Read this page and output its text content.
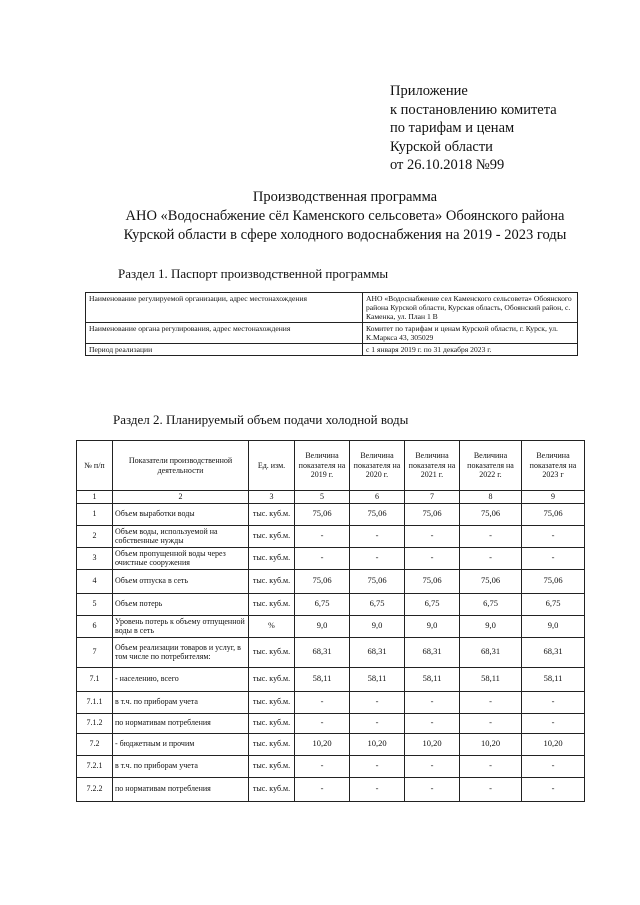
Приложение
к постановлению комитета
по тарифам и ценам
Курской области
от 26.10.2018 №99
Производственная программа
АНО «Водоснабжение сёл Каменского сельсовета» Обоянского района
Курской области в сфере холодного водоснабжения на 2019 - 2023 годы
Раздел 1. Паспорт производственной программы
Наименование регулируемой организации, адрес местонахождения	АНО «Водоснабжение сел Каменского сельсовета» Обоянского района Курской области, Курская область, Обоянский район, с. Каменка, ул. План 1 В
Наименование органа регулирования, адрес местонахождения	Комитет по тарифам и ценам Курской области, г. Курск, ул. К.Маркса 43, 305029
Период реализации	с 1 января 2019 г. по 31 декабря 2023 г.
Раздел 2. Планируемый объем подачи холодной воды
№ п/п	Показатели производственной деятельности	Ед. изм.	Величина показателя на 2019 г.	Величина показателя на 2020 г.	Величина показателя на 2021 г.	Величина показателя на 2022 г.	Величина показателя на 2023 г
1	2	3	5	6	7	8	9
1	Объем выработки воды	тыс. куб.м.	75,06	75,06	75,06	75,06	75,06
2	Объем воды, используемой на собственные нужды	тыс. куб.м.	-	-	-	-	-
3	Объем пропущенной воды через очистные сооружения	тыс. куб.м.	-	-	-	-	-
4	Объем отпуска в сеть	тыс. куб.м.	75,06	75,06	75,06	75,06	75,06
5	Объем потерь	тыс. куб.м.	6,75	6,75	6,75	6,75	6,75
6	Уровень потерь к объему отпущенной воды в сеть	%	9,0	9,0	9,0	9,0	9,0
7	Объем реализации товаров и услуг, в том числе по потребителям:	тыс. куб.м.	68,31	68,31	68,31	68,31	68,31
7.1	- населению, всего	тыс. куб.м.	58,11	58,11	58,11	58,11	58,11
7.1.1	в т.ч. по приборам учета	тыс. куб.м.	-	-	-	-	-
7.1.2	по нормативам потребления	тыс. куб.м.	-	-	-	-	-
7.2	- бюджетным и прочим	тыс. куб.м.	10,20	10,20	10,20	10,20	10,20
7.2.1	в т.ч. по приборам учета	тыс. куб.м.	-	-	-	-	-
7.2.2	по нормативам потребления	тыс. куб.м.	-	-	-	-	-
